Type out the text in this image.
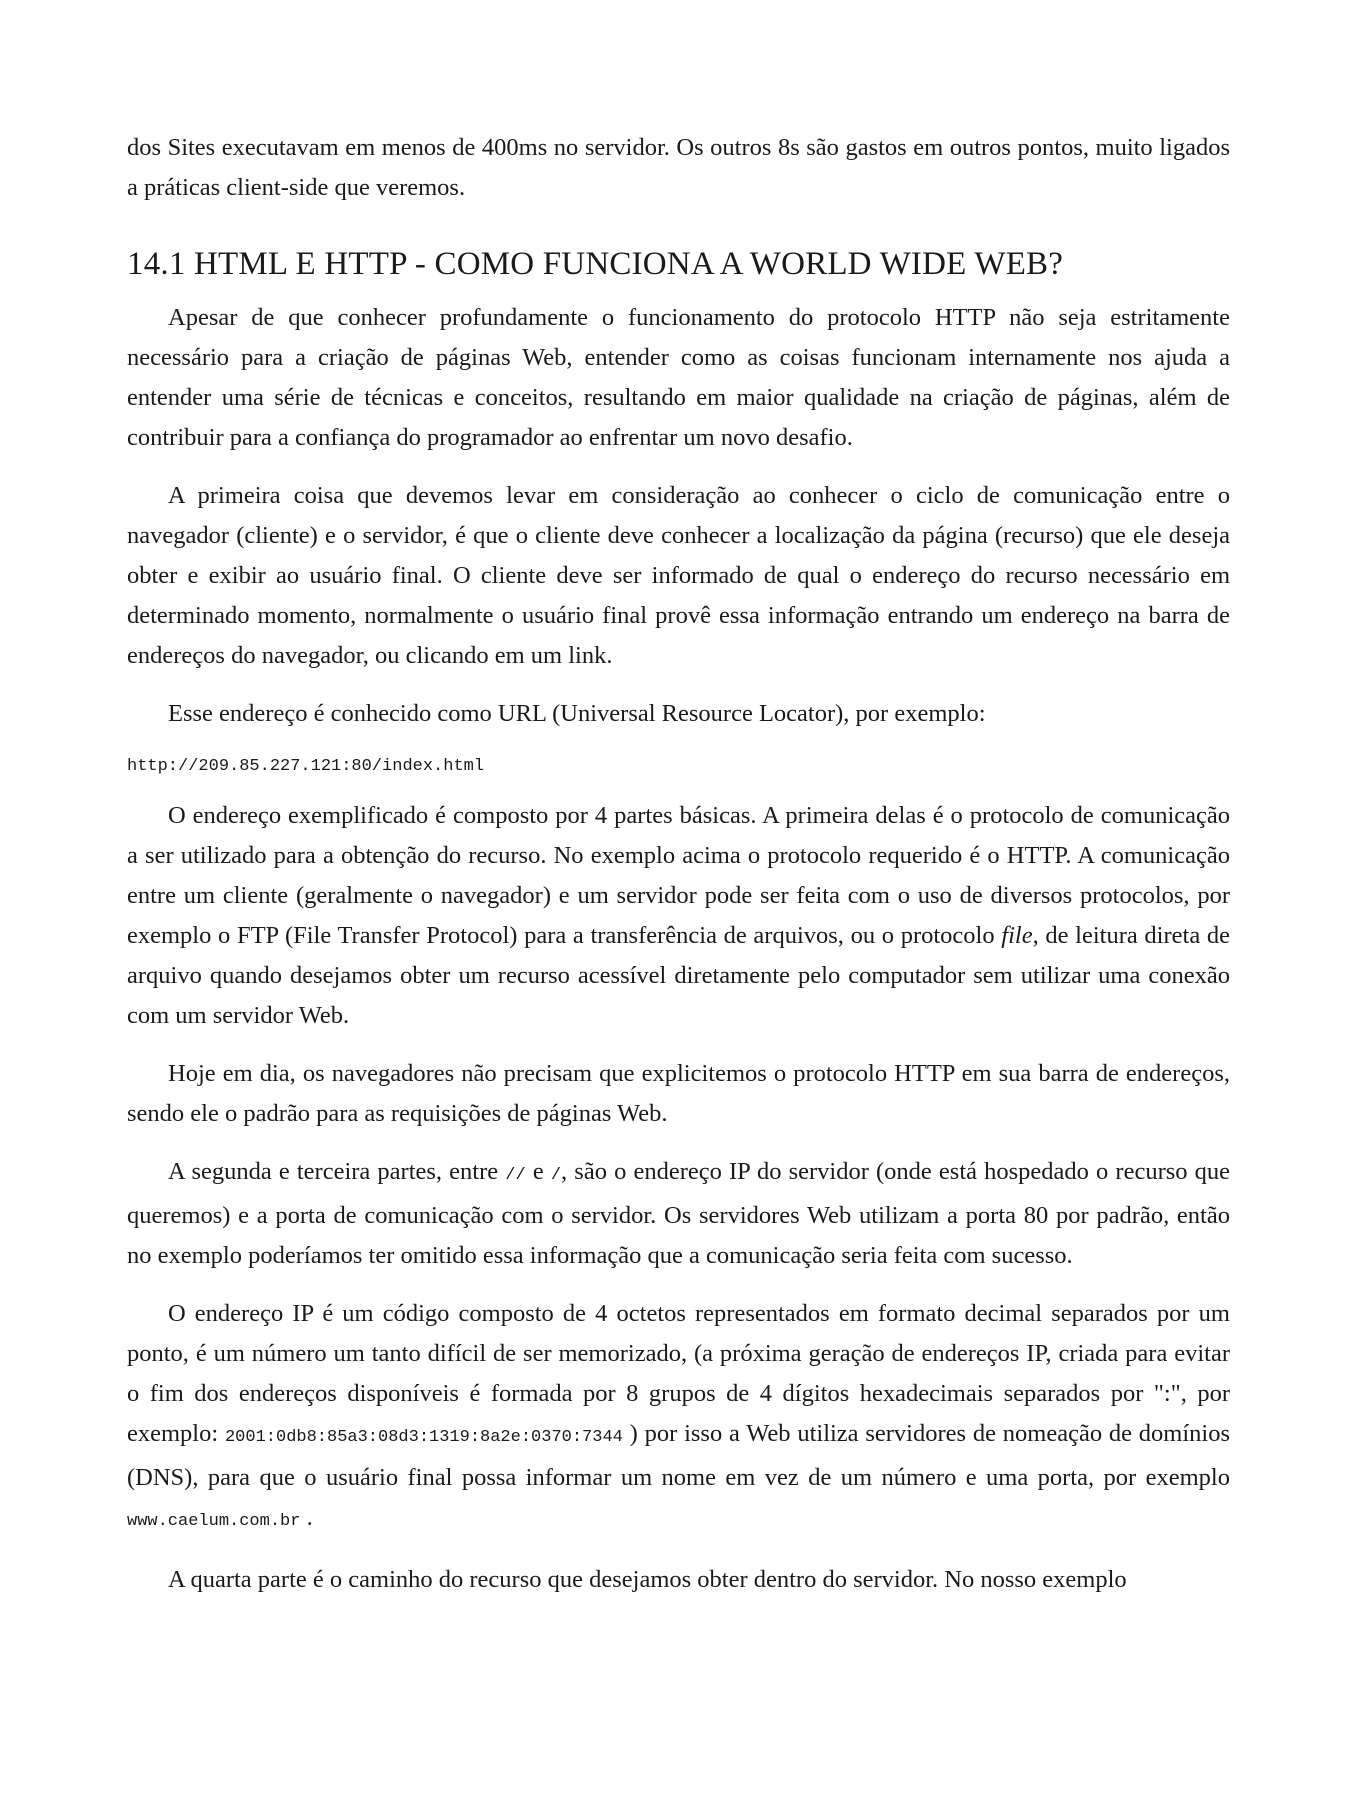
dos Sites executavam em menos de 400ms no servidor. Os outros 8s são gastos em outros pontos, muito ligados a práticas client-side que veremos.

14.1 HTML E HTTP - COMO FUNCIONA A WORLD WIDE WEB?

Apesar de que conhecer profundamente o funcionamento do protocolo HTTP não seja estritamente necessário para a criação de páginas Web, entender como as coisas funcionam internamente nos ajuda a entender uma série de técnicas e conceitos, resultando em maior qualidade na criação de páginas, além de contribuir para a confiança do programador ao enfrentar um novo desafio.

A primeira coisa que devemos levar em consideração ao conhecer o ciclo de comunicação entre o navegador (cliente) e o servidor, é que o cliente deve conhecer a localização da página (recurso) que ele deseja obter e exibir ao usuário final. O cliente deve ser informado de qual o endereço do recurso necessário em determinado momento, normalmente o usuário final provê essa informação entrando um endereço na barra de endereços do navegador, ou clicando em um link.

Esse endereço é conhecido como URL (Universal Resource Locator), por exemplo:

http://209.85.227.121:80/index.html

O endereço exemplificado é composto por 4 partes básicas. A primeira delas é o protocolo de comunicação a ser utilizado para a obtenção do recurso. No exemplo acima o protocolo requerido é o HTTP. A comunicação entre um cliente (geralmente o navegador) e um servidor pode ser feita com o uso de diversos protocolos, por exemplo o FTP (File Transfer Protocol) para a transferência de arquivos, ou o protocolo file, de leitura direta de arquivo quando desejamos obter um recurso acessível diretamente pelo computador sem utilizar uma conexão com um servidor Web.

Hoje em dia, os navegadores não precisam que explicitemos o protocolo HTTP em sua barra de endereços, sendo ele o padrão para as requisições de páginas Web.

A segunda e terceira partes, entre // e /, são o endereço IP do servidor (onde está hospedado o recurso que queremos) e a porta de comunicação com o servidor. Os servidores Web utilizam a porta 80 por padrão, então no exemplo poderíamos ter omitido essa informação que a comunicação seria feita com sucesso.

O endereço IP é um código composto de 4 octetos representados em formato decimal separados por um ponto, é um número um tanto difícil de ser memorizado, (a próxima geração de endereços IP, criada para evitar o fim dos endereços disponíveis é formada por 8 grupos de 4 dígitos hexadecimais separados por ":", por exemplo: 2001:0db8:85a3:08d3:1319:8a2e:0370:7344 ) por isso a Web utiliza servidores de nomeação de domínios (DNS), para que o usuário final possa informar um nome em vez de um número e uma porta, por exemplo www.caelum.com.br .

A quarta parte é o caminho do recurso que desejamos obter dentro do servidor. No nosso exemplo
